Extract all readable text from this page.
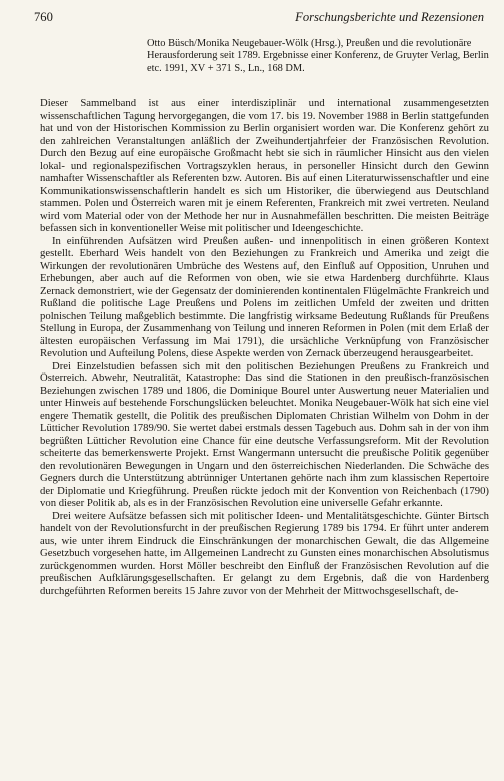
760	Forschungsberichte und Rezensionen
Otto Büsch/Monika Neugebauer-Wölk (Hrsg.), Preußen und die revolutionäre Herausforderung seit 1789. Ergebnisse einer Konferenz, de Gruyter Verlag, Berlin etc. 1991, XV + 371 S., Ln., 168 DM.

Dieser Sammelband ist aus einer interdisziplinär und international zusammengesetzten wissenschaftlichen Tagung hervorgegangen, die vom 17. bis 19. November 1988 in Berlin stattgefunden hat und von der Historischen Kommission zu Berlin organisiert worden war. Die Konferenz gehört zu den zahlreichen Veranstaltungen anläßlich der Zweihundertjahrfeier der Französischen Revolution. Durch den Bezug auf eine europäische Großmacht hebt sie sich in räumlicher Hinsicht aus den vielen lokal- und regionalspezifischen Vortragszyklen heraus, in personeller Hinsicht durch den Gewinn namhafter Wissenschaftler als Referenten bzw. Autoren. Bis auf einen Literaturwissenschaftler und eine Kommunikationswissenschaftlerin handelt es sich um Historiker, die überwiegend aus Deutschland stammen. Polen und Österreich waren mit je einem Referenten, Frankreich mit zwei vertreten. Neuland wird vom Material oder von der Methode her nur in Ausnahmefällen beschritten. Die meisten Beiträge befassen sich in konventioneller Weise mit politischer und Ideengeschichte.

In einführenden Aufsätzen wird Preußen außen- und innenpolitisch in einen größeren Kontext gestellt. Eberhard Weis handelt von den Beziehungen zu Frankreich und Amerika und zeigt die Wirkungen der revolutionären Umbrüche des Westens auf, den Einfluß auf Opposition, Unruhen und Erhebungen, aber auch auf die Reformen von oben, wie sie etwa Hardenberg durchführte. Klaus Zernack demonstriert, wie der Gegensatz der dominierenden kontinentalen Flügelmächte Frankreich und Rußland die politische Lage Preußens und Polens im zeitlichen Umfeld der zweiten und dritten polnischen Teilung maßgeblich bestimmte. Die langfristig wirksame Bedeutung Rußlands für Preußens Stellung in Europa, der Zusammenhang von Teilung und inneren Reformen in Polen (mit dem Erlaß der ältesten europäischen Verfassung im Mai 1791), die ursächliche Verknüpfung von Französischer Revolution und Aufteilung Polens, diese Aspekte werden von Zernack überzeugend herausgearbeitet.

Drei Einzelstudien befassen sich mit den politischen Beziehungen Preußens zu Frankreich und Österreich. Abwehr, Neutralität, Katastrophe: Das sind die Stationen in den preußisch-französischen Beziehungen zwischen 1789 und 1806, die Dominique Bourel unter Auswertung neuer Materialien und unter Hinweis auf bestehende Forschungslücken beleuchtet. Monika Neugebauer-Wölk hat sich eine viel engere Thematik gestellt, die Politik des preußischen Diplomaten Christian Wilhelm von Dohm in der Lütticher Revolution 1789/90. Sie wertet dabei erstmals dessen Tagebuch aus. Dohm sah in der von ihm begrüßten Lütticher Revolution eine Chance für eine deutsche Verfassungsreform. Mit der Revolution scheiterte das bemerkenswerte Projekt. Ernst Wangermann untersucht die preußische Politik gegenüber den revolutionären Bewegungen in Ungarn und den österreichischen Niederlanden. Die Schwäche des Gegners durch die Unterstützung abtrünniger Untertanen gehörte nach ihm zum klassischen Repertoire der Diplomatie und Kriegführung. Preußen rückte jedoch mit der Konvention von Reichenbach (1790) von dieser Politik ab, als es in der Französischen Revolution eine universelle Gefahr erkannte.

Drei weitere Aufsätze befassen sich mit politischer Ideen- und Mentalitätsgeschichte. Günter Birtsch handelt von der Revolutionsfurcht in der preußischen Regierung 1789 bis 1794. Er führt unter anderem aus, wie unter ihrem Eindruck die Einschränkungen der monarchischen Gewalt, die das Allgemeine Gesetzbuch vorgesehen hatte, im Allgemeinen Landrecht zu Gunsten eines monarchischen Absolutismus zurückgenommen wurden. Horst Möller beschreibt den Einfluß der Französischen Revolution auf die preußischen Aufklärungsgesellschaften. Er gelangt zu dem Ergebnis, daß die von Hardenberg durchgeführten Reformen bereits 15 Jahre zuvor von der Mehrheit der Mittwochsgesellschaft, de-
